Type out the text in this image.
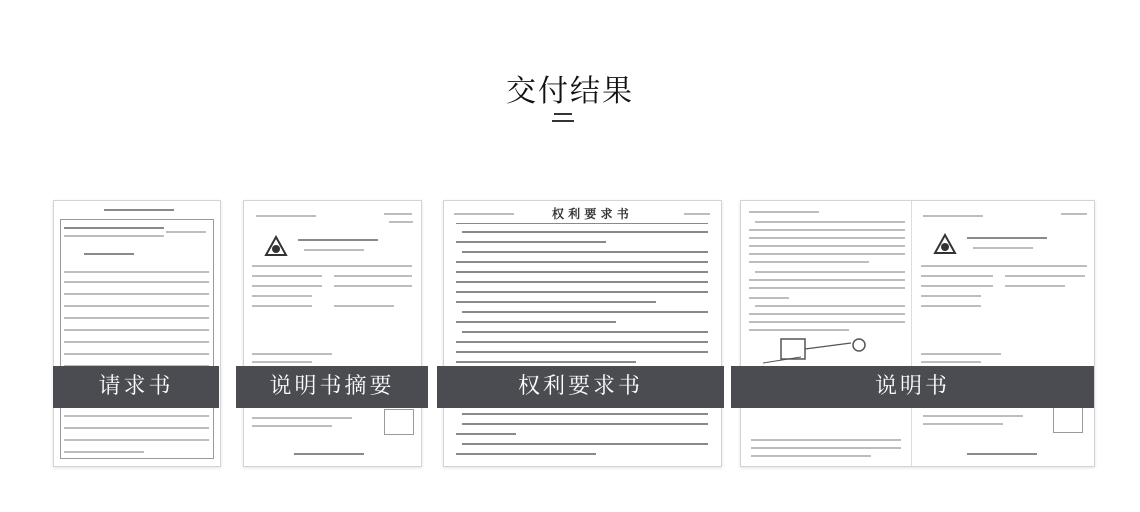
交付结果
权 利 要 求 书
请求书	说明书摘要	权利要求书	说明书
